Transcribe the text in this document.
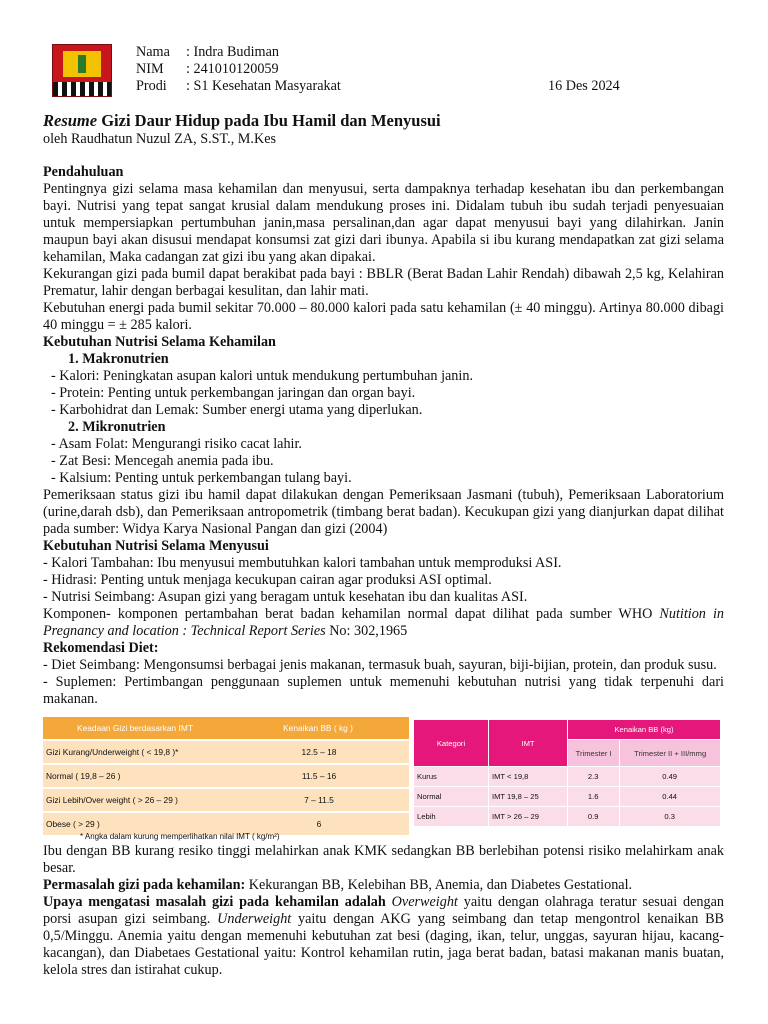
Nama : Indra Budiman
NIM : 241010120059
Prodi : S1 Kesehatan Masyarakat	16 Des 2024
Resume Gizi Daur Hidup pada Ibu Hamil dan Menyusui
oleh Raudhatun Nuzul ZA, S.ST., M.Kes
Pendahuluan

Pentingnya gizi selama masa kehamilan dan menyusui, serta dampaknya terhadap kesehatan ibu dan perkembangan bayi. Nutrisi yang tepat sangat krusial dalam mendukung proses ini. Didalam tubuh ibu sudah terjadi penyesuaian untuk mempersiapkan pertumbuhan janin,masa persalinan,dan agar dapat menyusui bayi yang dilahirkan. Janin maupun bayi akan disusui mendapat konsumsi zat gizi dari ibunya. Apabila si ibu kurang mendapatkan zat gizi selama kehamilan, Maka cadangan zat gizi ibu yang akan dipakai.

Kekurangan gizi pada bumil dapat berakibat pada bayi : BBLR (Berat Badan Lahir Rendah) dibawah 2,5 kg, Kelahiran Prematur, lahir dengan berbagai kesulitan, dan lahir mati.

Kebutuhan energi pada bumil sekitar 70.000 – 80.000 kalori pada satu kehamilan (± 40 minggu). Artinya 80.000 dibagi 40 minggu = ± 285 kalori.

Kebutuhan Nutrisi Selama Kehamilan
1. Makronutrien
- Kalori: Peningkatan asupan kalori untuk mendukung pertumbuhan janin.
- Protein: Penting untuk perkembangan jaringan dan organ bayi.
- Karbohidrat dan Lemak: Sumber energi utama yang diperlukan.
2. Mikronutrien
- Asam Folat: Mengurangi risiko cacat lahir.
- Zat Besi: Mencegah anemia pada ibu.
- Kalsium: Penting untuk perkembangan tulang bayi.

Pemeriksaan status gizi ibu hamil dapat dilakukan dengan Pemeriksaan Jasmani (tubuh), Pemeriksaan Laboratorium (urine,darah dsb), dan Pemeriksaan antropometrik (timbang berat badan). Kecukupan gizi yang dianjurkan dapat dilihat pada sumber: Widya Karya Nasional Pangan dan gizi (2004)

Kebutuhan Nutrisi Selama Menyusui
- Kalori Tambahan: Ibu menyusui membutuhkan kalori tambahan untuk memproduksi ASI.
- Hidrasi: Penting untuk menjaga kecukupan cairan agar produksi ASI optimal.
- Nutrisi Seimbang: Asupan gizi yang beragam untuk kesehatan ibu dan kualitas ASI.

Komponen- komponen pertambahan berat badan kehamilan normal dapat dilihat pada sumber WHO Nutition in Pregnancy and location : Technical Report Series No: 302,1965

Rekomendasi Diet:

- Diet Seimbang: Mengonsumsi berbagai jenis makanan, termasuk buah, sayuran, biji-bijian, protein, dan produk susu.

- Suplemen: Pertimbangan penggunaan suplemen untuk memenuhi kebutuhan nutrisi yang tidak terpenuhi dari makanan.

Keadaan Gizi berdasarkan IMT	Kenaikan BB ( kg )
Gizi Kurang/Underweight ( < 19,8 )*	12.5 – 18
Normal ( 19,8 – 26 )	11.5 – 16
Gizi Lebih/Over weight ( > 26 – 29 )	7 – 11.5
Obese ( > 29 )	6
* Angka dalam kurung memperlihatkan nilai IMT ( kg/m²)
Kategori	IMT	Kenaikan BB (kg)	
		Trimester I	Trimester II + III/mmg
Kurus	IMT < 19,8	2.3	0.49
Normal	IMT 19,8 – 25	1.6	0.44
Lebih	IMT > 26 – 29	0.9	0.3

Ibu dengan BB kurang resiko tinggi melahirkan anak KMK sedangkan BB berlebihan potensi risiko melahirkam anak besar.

Permasalah gizi pada kehamilan: Kekurangan BB, Kelebihan BB, Anemia, dan Diabetes Gestational.

Upaya mengatasi masalah gizi pada kehamilan adalah Overweight yaitu dengan olahraga teratur sesuai dengan porsi asupan gizi seimbang. Underweight yaitu dengan AKG yang seimbang dan tetap mengontrol kenaikan BB 0,5/Minggu. Anemia yaitu dengan memenuhi kebutuhan zat besi (daging, ikan, telur, unggas, sayuran hijau, kacang-kacangan), dan Diabetaes Gestational yaitu: Kontrol kehamilan rutin, jaga berat badan, batasi makanan manis buatan, kelola stres dan istirahat cukup.
